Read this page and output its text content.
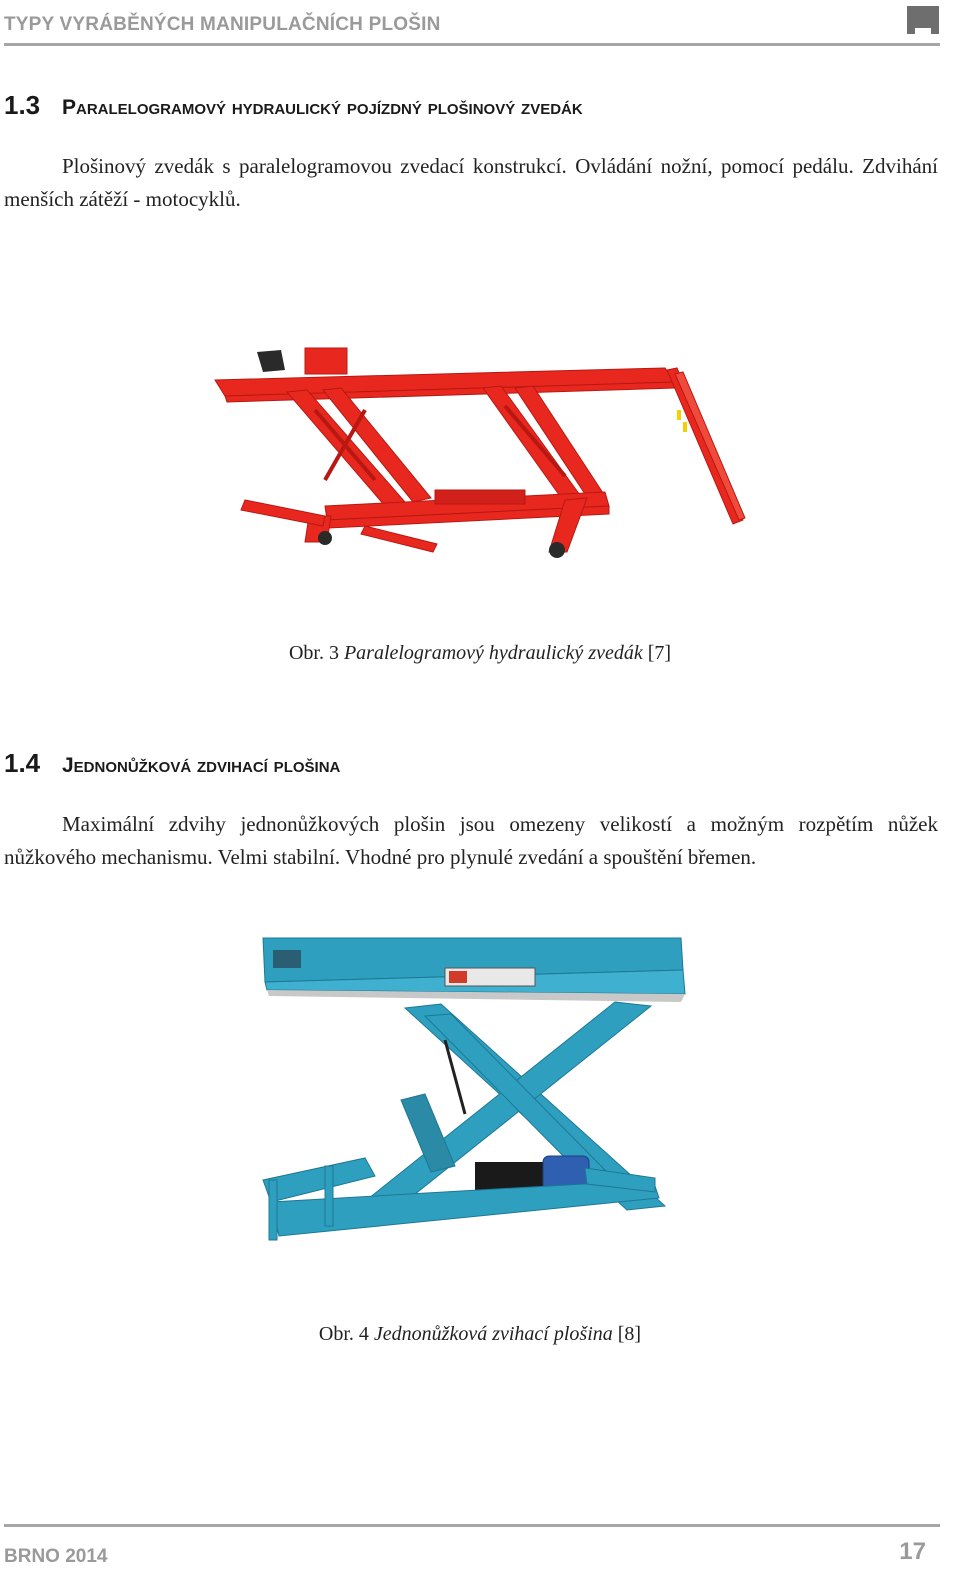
TYPY VYRÁBĚNÝCH MANIPULAČNÍCH PLOŠIN
1.3 Paralelogramový hydraulický pojízdný plošinový zvedák

Plošinový zvedák s paralelogramovou zvedací konstrukcí. Ovládání nožní, pomocí pedálu. Zdvihání menších zátěží - motocyklů.

Obr. 3 Paralelogramový hydraulický zvedák [7]
1.4 Jednonůžková zdvihací plošina

Maximální zdvihy jednonůžkových plošin jsou omezeny velikostí a možným rozpětím nůžek nůžkového mechanismu. Velmi stabilní. Vhodné pro plynulé zvedání a spouštění břemen.

Obr. 4 Jednonůžková zvihací plošina [8]
BRNO 2014	17
